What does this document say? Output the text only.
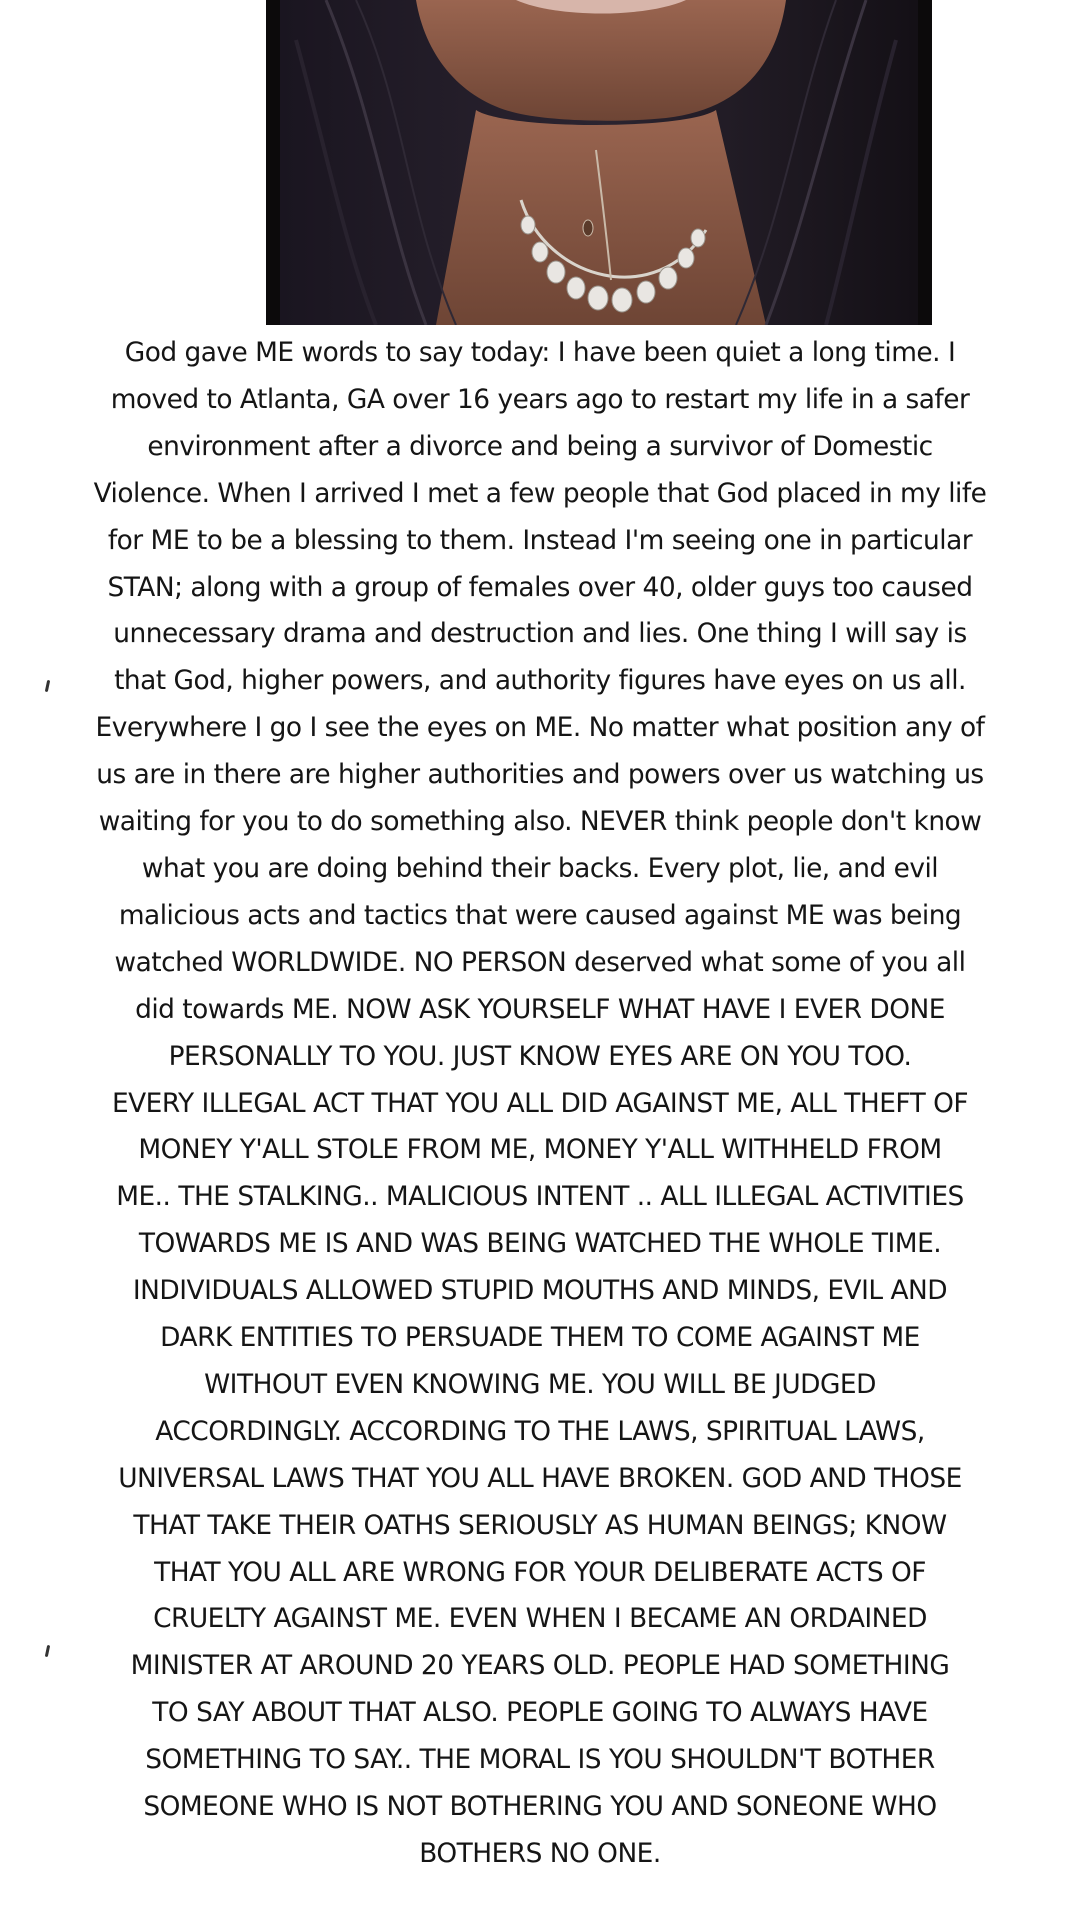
God gave ME words to say today: I have been quiet a long time. I
moved to Atlanta, GA over 16 years ago to restart my life in a safer
environment after a divorce and being a survivor of Domestic
Violence. When I arrived I met a few people that God placed in my life
for ME to be a blessing to them. Instead I'm seeing one in particular
STAN; along with a group of females over 40, older guys too caused
unnecessary drama and destruction and lies. One thing I will say is
that God, higher powers, and authority figures have eyes on us all.
Everywhere I go I see the eyes on ME. No matter what position any of
us are in there are higher authorities and powers over us watching us
waiting for you to do something also. NEVER think people don't know
what you are doing behind their backs. Every plot, lie, and evil
malicious acts and tactics that were caused against ME was being
watched WORLDWIDE. NO PERSON deserved what some of you all
did towards ME. NOW ASK YOURSELF WHAT HAVE I EVER DONE
PERSONALLY TO YOU. JUST KNOW EYES ARE ON YOU TOO.
EVERY ILLEGAL ACT THAT YOU ALL DID AGAINST ME, ALL THEFT OF
MONEY Y'ALL STOLE FROM ME, MONEY Y'ALL WITHHELD FROM
ME.. THE STALKING.. MALICIOUS INTENT .. ALL ILLEGAL ACTIVITIES
TOWARDS ME IS AND WAS BEING WATCHED THE WHOLE TIME.
INDIVIDUALS ALLOWED STUPID MOUTHS AND MINDS, EVIL AND
DARK ENTITIES TO PERSUADE THEM TO COME AGAINST ME
WITHOUT EVEN KNOWING ME. YOU WILL BE JUDGED
ACCORDINGLY. ACCORDING TO THE LAWS, SPIRITUAL LAWS,
UNIVERSAL LAWS THAT YOU ALL HAVE BROKEN. GOD AND THOSE
THAT TAKE THEIR OATHS SERIOUSLY AS HUMAN BEINGS; KNOW
THAT YOU ALL ARE WRONG FOR YOUR DELIBERATE ACTS OF
CRUELTY AGAINST ME. EVEN WHEN I BECAME AN ORDAINED
MINISTER AT AROUND 20 YEARS OLD. PEOPLE HAD SOMETHING
TO SAY ABOUT THAT ALSO. PEOPLE GOING TO ALWAYS HAVE
SOMETHING TO SAY.. THE MORAL IS YOU SHOULDN'T BOTHER
SOMEONE WHO IS NOT BOTHERING YOU AND SONEONE WHO
BOTHERS NO ONE.
